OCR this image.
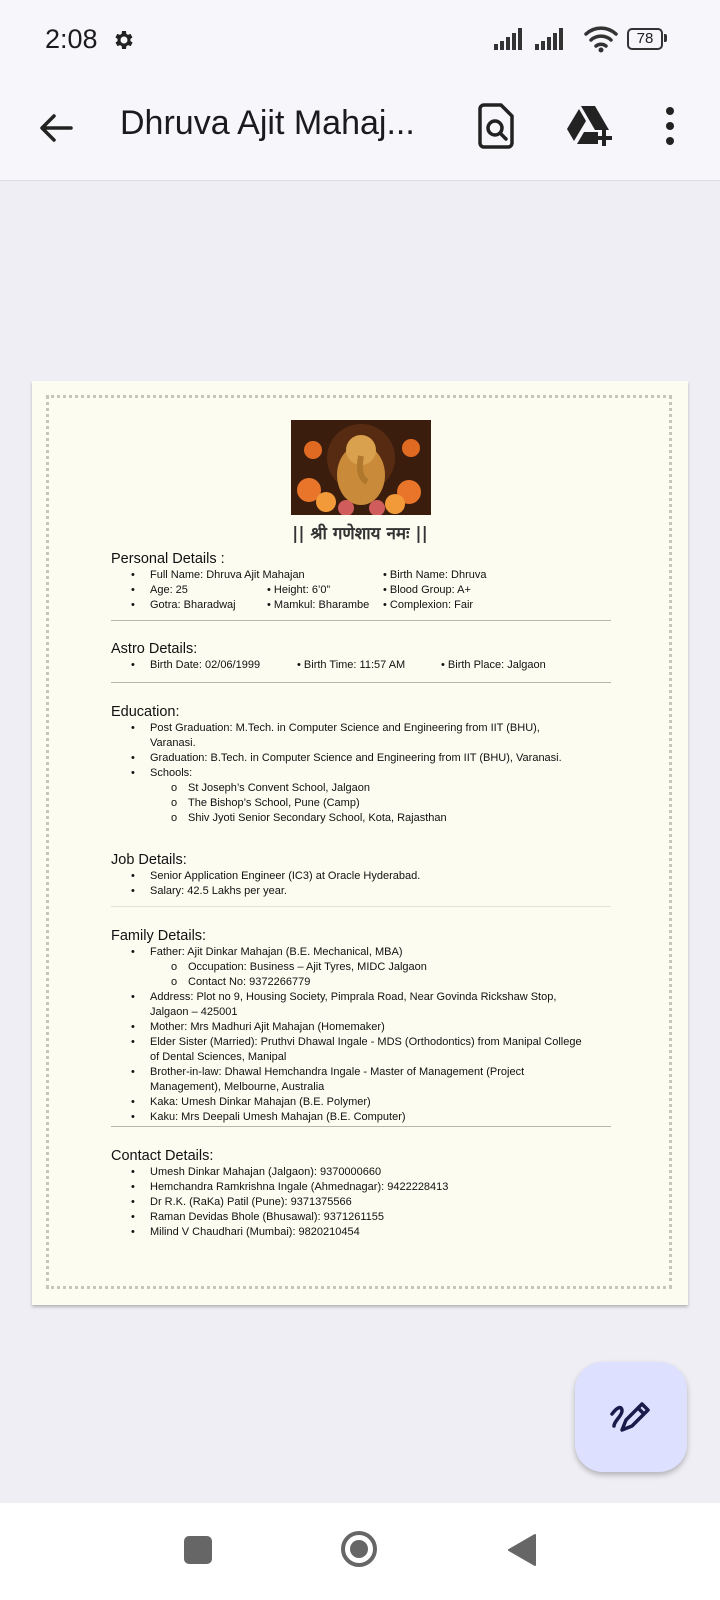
2:08	78
Dhruva Ajit Mahaj...
|| श्री गणेशाय नमः ||
Personal Details :
• Full Name: Dhruva Ajit Mahajan	• Birth Name: Dhruva
• Age: 25	• Height: 6’0”	• Blood Group: A+
• Gotra: Bharadwaj	• Mamkul: Bharambe • Complexion: Fair
Astro Details:
• Birth Date: 02/06/1999	• Birth Time: 11:57 AM	• Birth Place: Jalgaon
Education:
• Post Graduation: M.Tech. in Computer Science and Engineering from IIT (BHU),
Varanasi.
• Graduation: B.Tech. in Computer Science and Engineering from IIT (BHU), Varanasi.
• Schools:
o St Joseph’s Convent School, Jalgaon
o The Bishop’s School, Pune (Camp)
o Shiv Jyoti Senior Secondary School, Kota, Rajasthan
Job Details:
• Senior Application Engineer (IC3) at Oracle Hyderabad.
• Salary: 42.5 Lakhs per year.
Family Details:
• Father: Ajit Dinkar Mahajan (B.E. Mechanical, MBA)
o Occupation: Business – Ajit Tyres, MIDC Jalgaon
o Contact No: 9372266779
• Address: Plot no 9, Housing Society, Pimprala Road, Near Govinda Rickshaw Stop,
Jalgaon – 425001
• Mother: Mrs Madhuri Ajit Mahajan (Homemaker)
• Elder Sister (Married): Pruthvi Dhawal Ingale - MDS (Orthodontics) from Manipal College
of Dental Sciences, Manipal
• Brother-in-law: Dhawal Hemchandra Ingale - Master of Management (Project
Management), Melbourne, Australia
• Kaka: Umesh Dinkar Mahajan (B.E. Polymer)
• Kaku: Mrs Deepali Umesh Mahajan (B.E. Computer)
Contact Details:
• Umesh Dinkar Mahajan (Jalgaon): 9370000660
• Hemchandra Ramkrishna Ingale (Ahmednagar): 9422228413
• Dr R.K. (RaKa) Patil (Pune): 9371375566
• Raman Devidas Bhole (Bhusawal): 9371261155
• Milind V Chaudhari (Mumbai): 9820210454
